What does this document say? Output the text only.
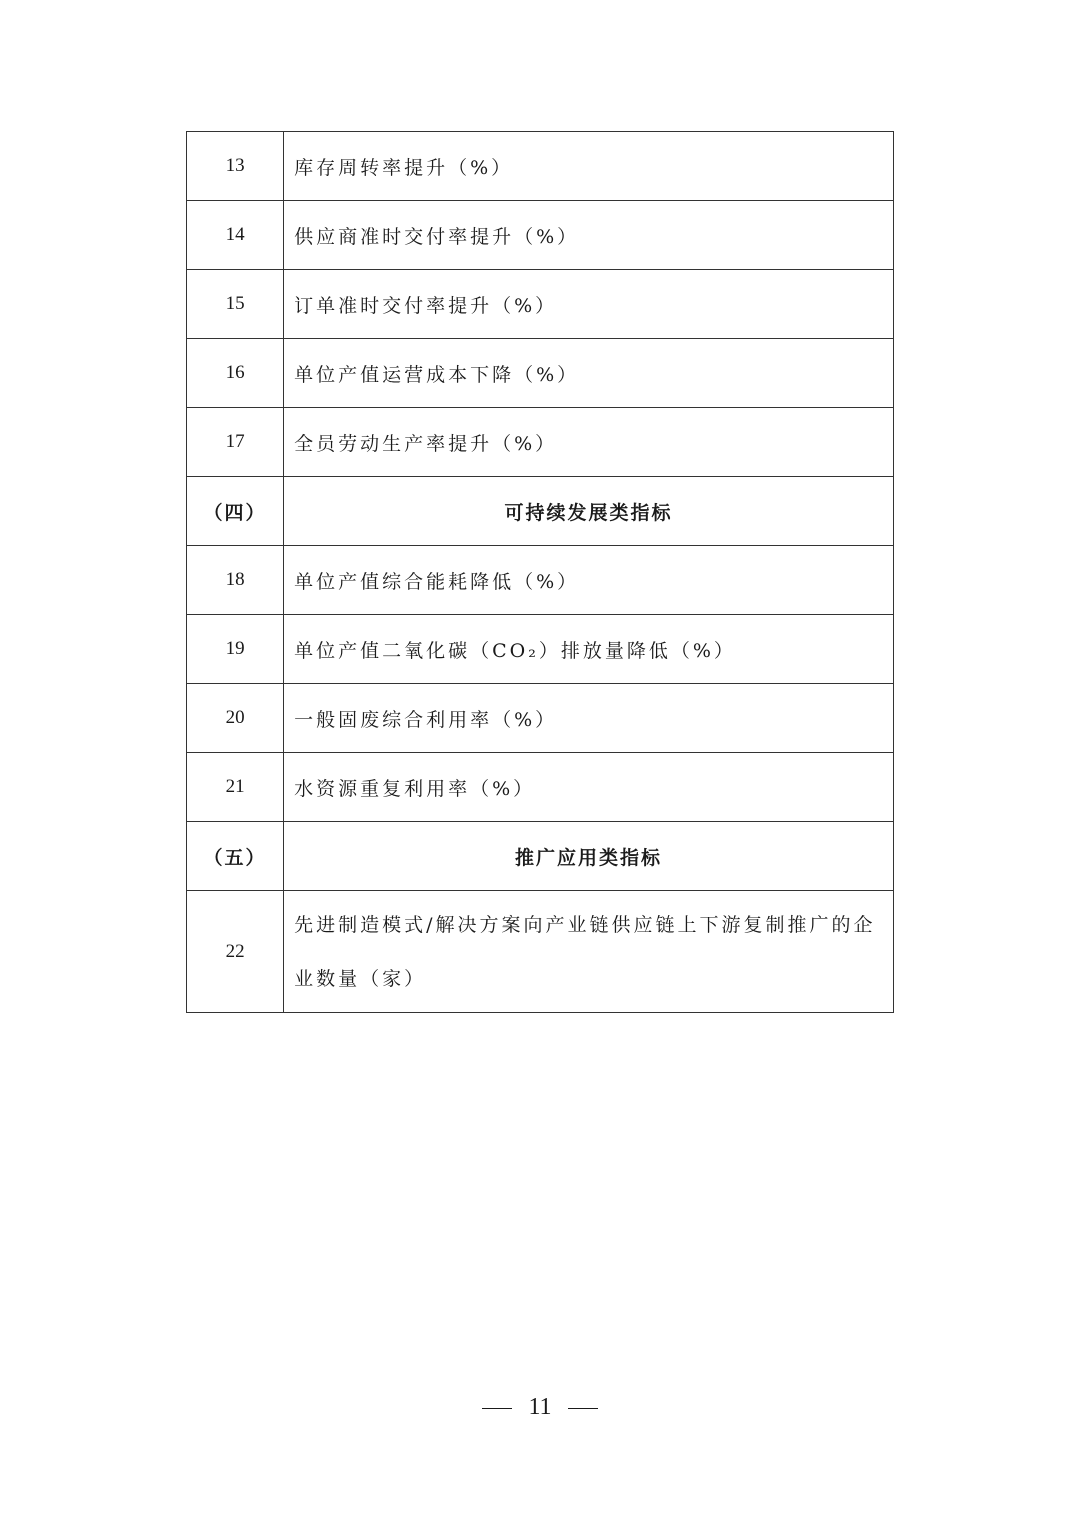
13	库存周转率提升（%）
14	供应商准时交付率提升（%）
15	订单准时交付率提升（%）
16	单位产值运营成本下降（%）
17	全员劳动生产率提升（%）
（四）	可持续发展类指标
18	单位产值综合能耗降低（%）
19	单位产值二氧化碳（CO₂）排放量降低（%）
20	一般固废综合利用率（%）
21	水资源重复利用率（%）
（五）	推广应用类指标
22	先进制造模式/解决方案向产业链供应链上下游复制推广的企业数量（家）
11
